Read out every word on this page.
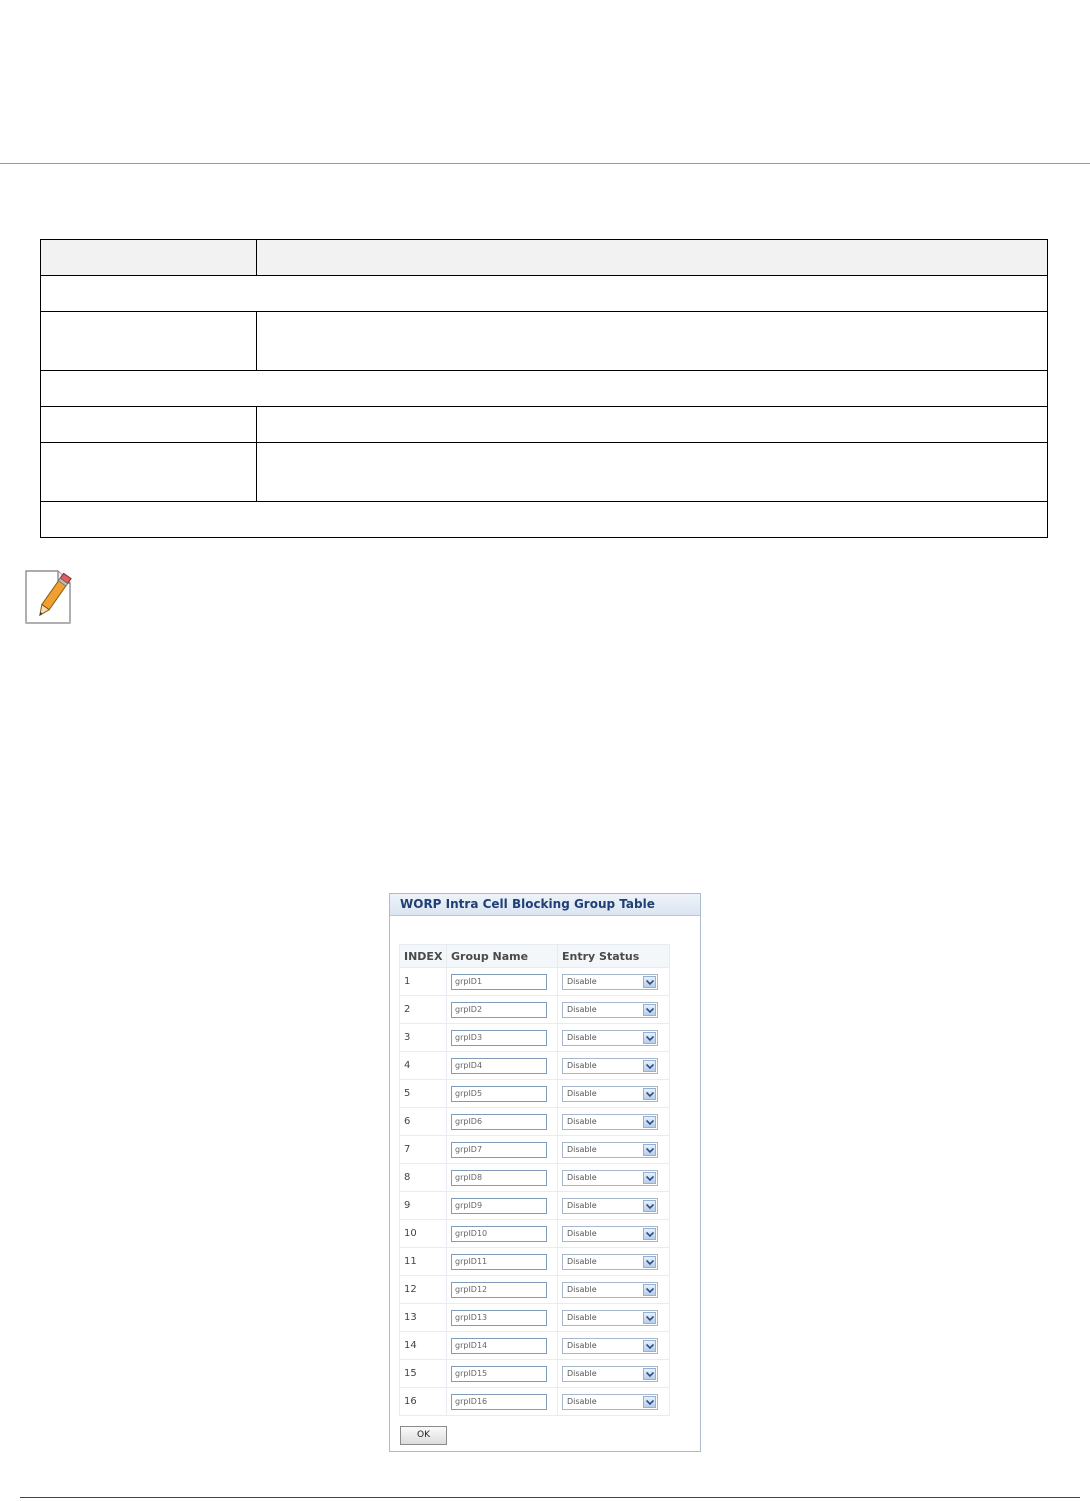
WORP Intra Cell Blocking Group Table
INDEX	Group Name	Entry Status
1	grpID1	Disable

2	grpID2	Disable

3	grpID3	Disable

4	grpID4	Disable

5	grpID5	Disable

6	grpID6	Disable

7	grpID7	Disable

8	grpID8	Disable

9	grpID9	Disable

10	grpID10	Disable

11	grpID11	Disable

12	grpID12	Disable

13	grpID13	Disable

14	grpID14	Disable

15	grpID15	Disable

16	grpID16	Disable
OK
